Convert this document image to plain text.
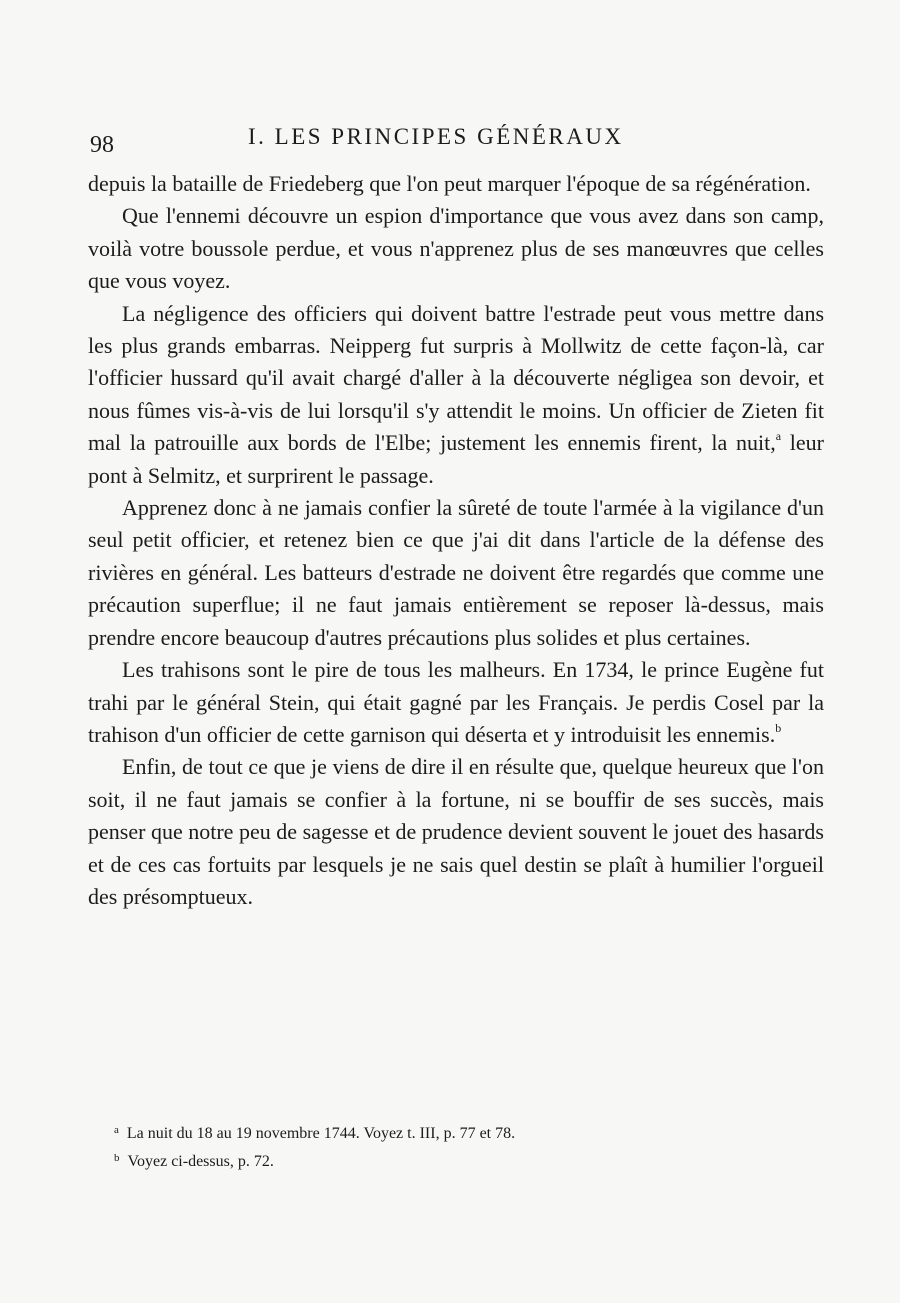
98	I. LES PRINCIPES GÉNÉRAUX

depuis la bataille de Friedeberg que l'on peut marquer l'époque de sa régénération.

Que l'ennemi découvre un espion d'importance que vous avez dans son camp, voilà votre boussole perdue, et vous n'apprenez plus de ses manœuvres que celles que vous voyez.

La négligence des officiers qui doivent battre l'estrade peut vous mettre dans les plus grands embarras. Neipperg fut surpris à Mollwitz de cette façon-là, car l'officier hussard qu'il avait chargé d'aller à la découverte négligea son devoir, et nous fûmes vis-à-vis de lui lorsqu'il s'y attendit le moins. Un officier de Zieten fit mal la patrouille aux bords de l'Elbe; justement les ennemis firent, la nuit,$^a$ leur pont à Selmitz, et surprirent le passage.

Apprenez donc à ne jamais confier la sûreté de toute l'armée à la vigilance d'un seul petit officier, et retenez bien ce que j'ai dit dans l'article de la défense des rivières en général. Les batteurs d'estrade ne doivent être regardés que comme une précaution superflue; il ne faut jamais entièrement se reposer là-dessus, mais prendre encore beaucoup d'autres précautions plus solides et plus certaines.

Les trahisons sont le pire de tous les malheurs. En 1734, le prince Eugène fut trahi par le général Stein, qui était gagné par les Français. Je perdis Cosel par la trahison d'un officier de cette garnison qui déserta et y introduisit les ennemis.$^b$

Enfin, de tout ce que je viens de dire il en résulte que, quelque heureux que l'on soit, il ne faut jamais se confier à la fortune, ni se bouffir de ses succès, mais penser que notre peu de sagesse et de prudence devient souvent le jouet des hasards et de ces cas fortuits par lesquels je ne sais quel destin se plaît à humilier l'orgueil des présomptueux.

$^a$ La nuit du 18 au 19 novembre 1744. Voyez t. III, p. 77 et 78.

$^b$ Voyez ci-dessus, p. 72.
